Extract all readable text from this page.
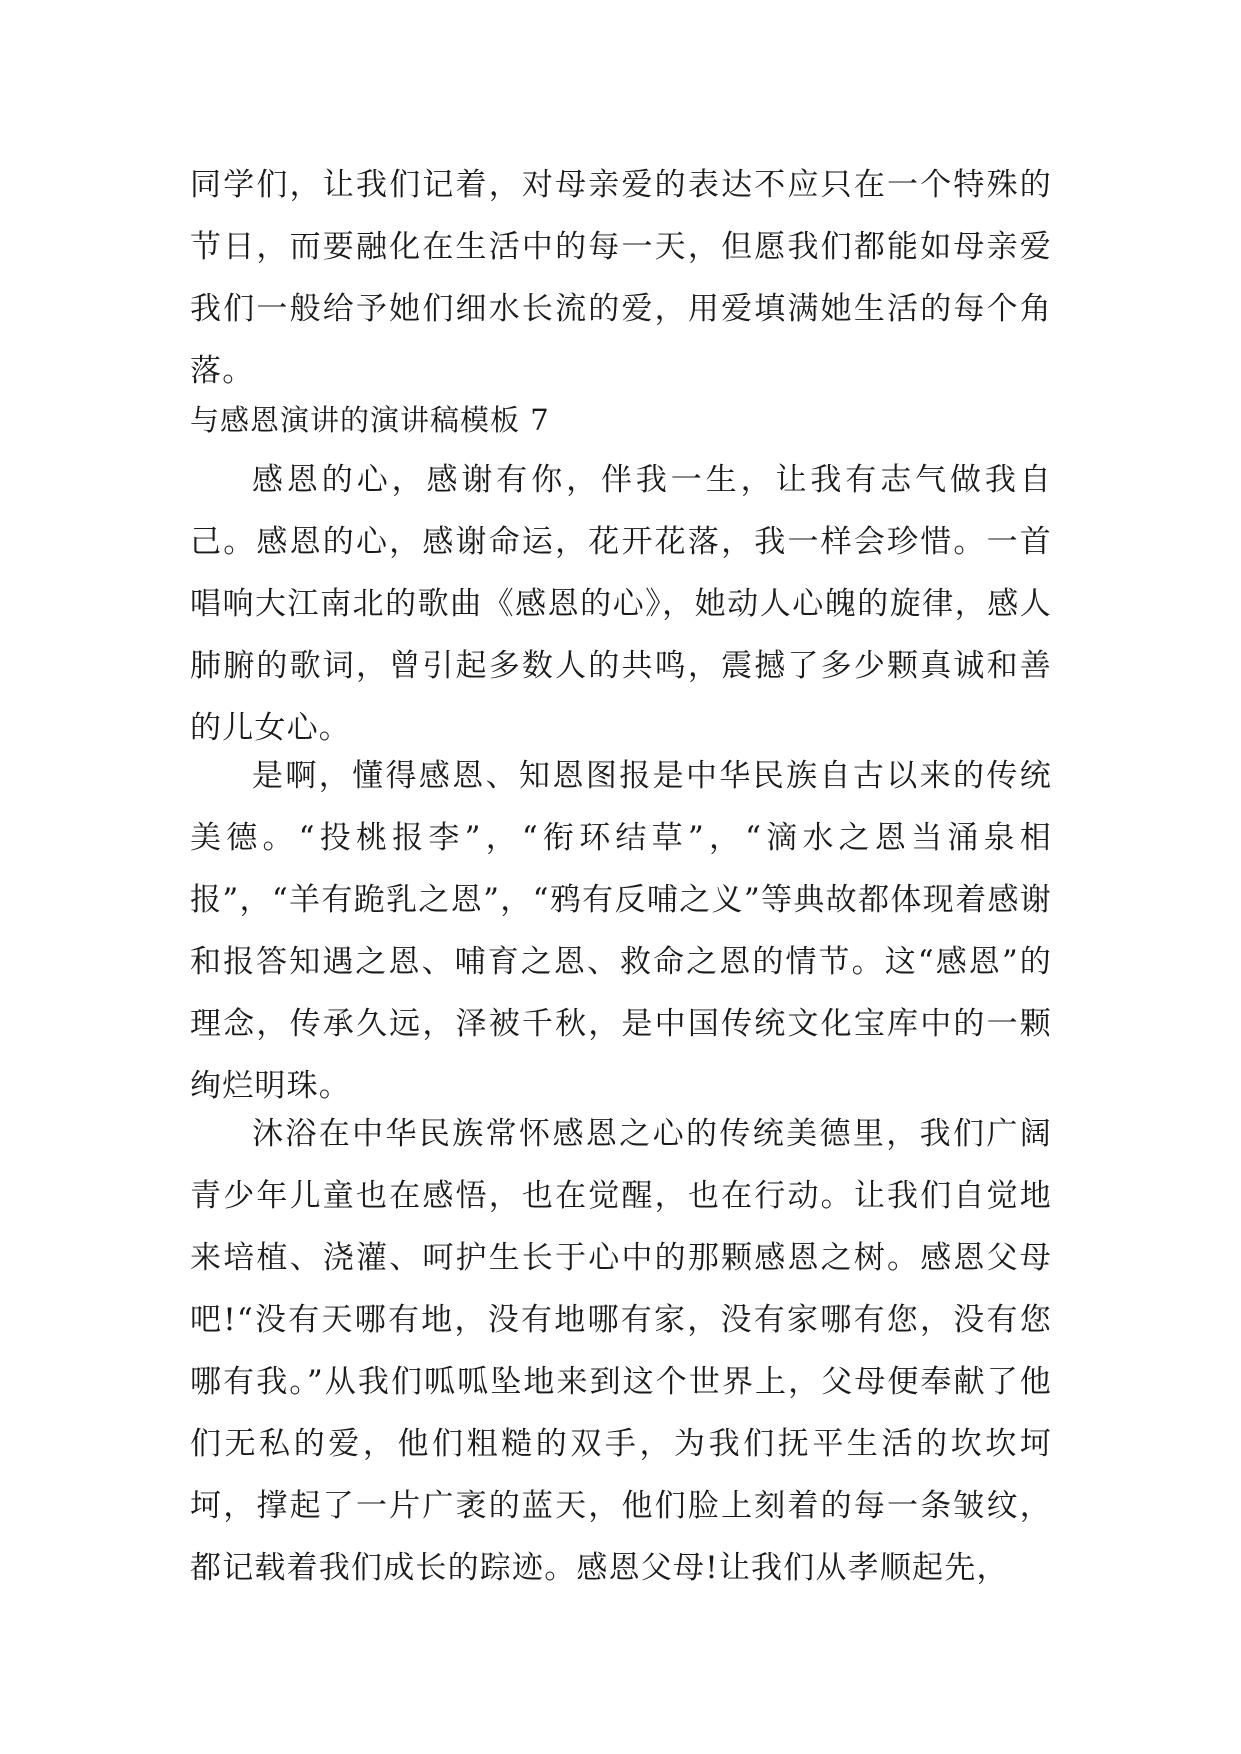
同学们，让我们记着，对母亲爱的表达不应只在一个特殊的节日，而要融化在生活中的每一天，但愿我们都能如母亲爱我们一般给予她们细水长流的爱，用爱填满她生活的每个角落。
与感恩演讲的演讲稿模板 7
感恩的心，感谢有你，伴我一生，让我有志气做我自己。感恩的心，感谢命运，花开花落，我一样会珍惜。一首唱响大江南北的歌曲《感恩的心》，她动人心魄的旋律，感人肺腑的歌词，曾引起多数人的共鸣，震撼了多少颗真诚和善的儿女心。
是啊，懂得感恩、知恩图报是中华民族自古以来的传统美德。“投桃报李”，“衔环结草”，“滴水之恩当涌泉相报”，“羊有跪乳之恩”，“鸦有反哺之义”等典故都体现着感谢和报答知遇之恩、哺育之恩、救命之恩的情节。这“感恩”的理念，传承久远，泽被千秋，是中国传统文化宝库中的一颗绚烂明珠。
沐浴在中华民族常怀感恩之心的传统美德里，我们广阔青少年儿童也在感悟，也在觉醒，也在行动。让我们自觉地来培植、浇灌、呵护生长于心中的那颗感恩之树。感恩父母吧!“没有天哪有地，没有地哪有家，没有家哪有您，没有您哪有我。”从我们呱呱坠地来到这个世界上，父母便奉献了他们无私的爱，他们粗糙的双手，为我们抚平生活的坎坎坷坷，撑起了一片广袤的蓝天，他们脸上刻着的每一条皱纹，都记载着我们成长的踪迹。感恩父母!让我们从孝顺起先，
